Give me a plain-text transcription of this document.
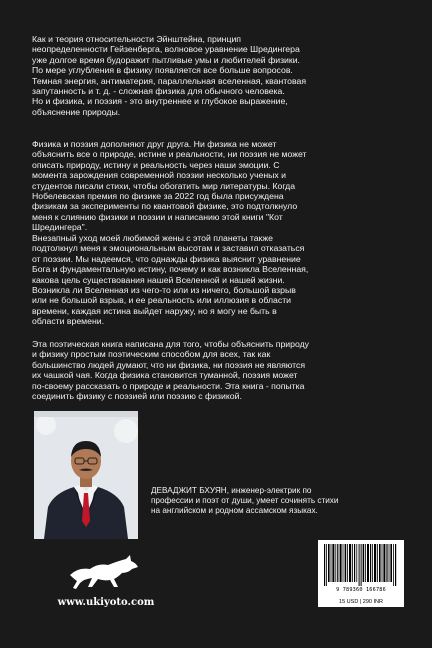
Как и теория относительности Эйнштейна, принцип
неопределенности Гейзенберга, волновое уравнение Шредингера
уже долгое время будоражит пытливые умы и любителей физики.
По мере углубления в физику появляется все больше вопросов.
Темная энергия, антиматерия, параллельная вселенная, квантовая
запутанность и т. д. - сложная физика для обычного человека.
Но и физика, и поэзия - это внутреннее и глубокое выражение,
объяснение природы.

Физика и поэзия дополняют друг друга. Ни физика не может
объяснить все о природе, истине и реальности, ни поэзия не может
описать природу, истину и реальность через наши эмоции. С
момента зарождения современной поэзии несколько ученых и
студентов писали стихи, чтобы обогатить мир литературы. Когда
Нобелевская премия по физике за 2022 год была присуждена
физикам за эксперименты по квантовой физике, это подтолкнуло
меня к слиянию физики и поэзии и написанию этой книги "Кот
Шредингера".

Внезапный уход моей любимой жены с этой планеты также
подтолкнул меня к эмоциональным высотам и заставил отказаться
от поэзии. Мы надеемся, что однажды физика выяснит уравнение
Бога и фундаментальную истину, почему и как возникла Вселенная,
какова цель существования нашей Вселенной и нашей жизни.
Возникла ли Вселенная из чего-то или из ничего, большой взрыв
или не большой взрыв, и ее реальность или иллюзия в области
времени, каждая истина выйдет наружу, но я могу не быть в
области времени.

Эта поэтическая книга написана для того, чтобы объяснить природу
и физику простым поэтическим способом для всех, так как
большинство людей думают, что ни физика, ни поэзия не являются
их чашкой чая. Когда физика становится туманной, поэзия может
по-своему рассказать о природе и реальности. Эта книга - попытка
соединить физику с поэзией или поэзию с физикой.

ДЕВАДЖИТ БХУЯН, инженер-электрик по
профессии и поэт от души, умеет сочинять стихи
на английском и родном ассамском языках.
www.ukiyoto.com
9 789360 166786
15 USD | 290 INR
